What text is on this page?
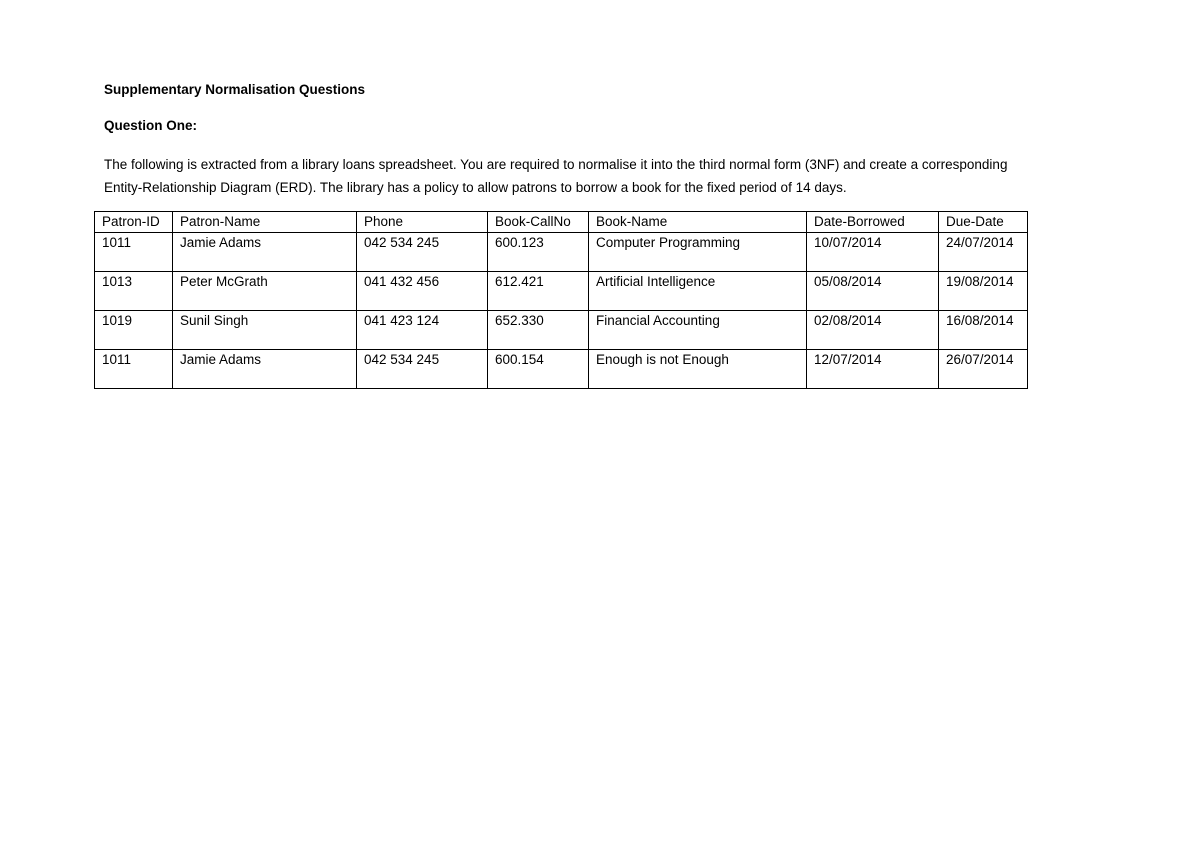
Supplementary Normalisation Questions
Question One:
The following is extracted from a library loans spreadsheet. You are required to normalise it into the third normal form (3NF) and create a corresponding
Entity-Relationship Diagram (ERD). The library has a policy to allow patrons to borrow a book for the fixed period of 14 days.
Patron-ID	Patron-Name	Phone	Book-CallNo	Book-Name	Date-Borrowed	Due-Date
1011	Jamie Adams	042 534 245	600.123	Computer Programming	10/07/2014	24/07/2014
1013	Peter McGrath	041 432 456	612.421	Artificial Intelligence	05/08/2014	19/08/2014
1019	Sunil Singh	041 423 124	652.330	Financial Accounting	02/08/2014	16/08/2014
1011	Jamie Adams	042 534 245	600.154	Enough is not Enough	12/07/2014	26/07/2014
